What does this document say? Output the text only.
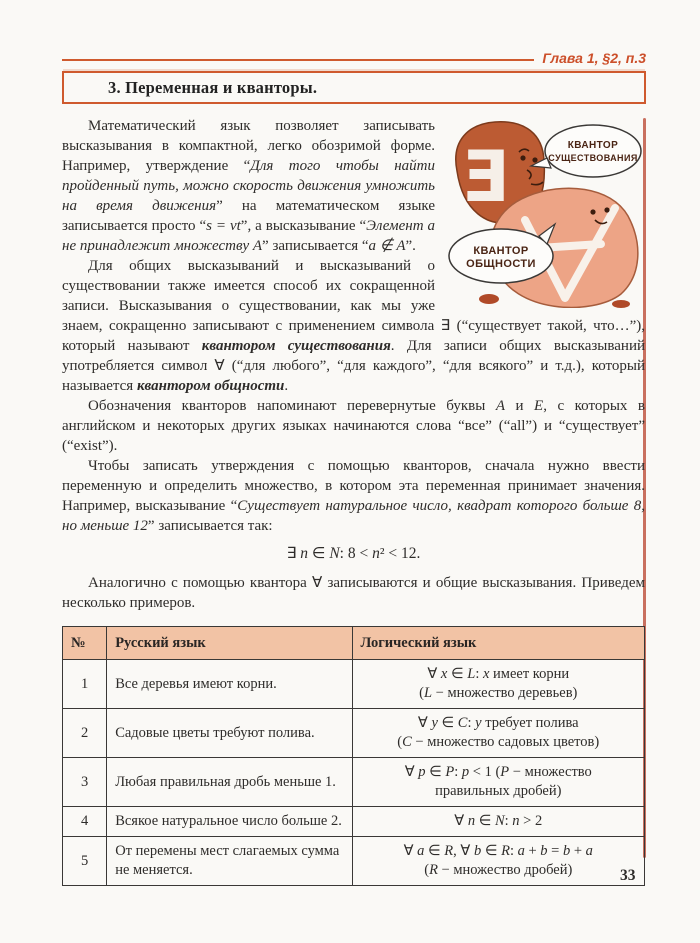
Глава 1, §2, п.3
3. Переменная и кванторы.
Ǝ	КВАНТОР
СУЩЕСТВОВАНИЯ
КВАНТОР
ОБЩНОСТИ

Математический язык позволяет записывать высказывания в компактной, легко обозримой форме. Например, утверждение “Для того чтобы найти пройденный путь, можно скорость движения умножить на время движения” на математическом языке записывается просто “s = vt”, а высказывание “Элемент а не принадлежит множеству А” записывается “a ∉ A”.

Для общих высказываний и высказываний о существовании также имеется способ их сокращенной записи. Высказывания о существовании, как мы уже знаем, сокращенно записывают с применением символа ∃ (“существует такой, что…”), который называют квантором существования. Для записи общих высказываний употребляется символ ∀ (“для любого”, “для каждого”, “для всякого” и т.д.), который называется квантором общности.

Обозначения кванторов напоминают перевернутые буквы A и E, с которых в английском и некоторых других языках начинаются слова “все” (“all”) и “существует” (“exist”).

Чтобы записать утверждения с помощью кванторов, сначала нужно ввести переменную и определить множество, в котором эта переменная принимает значения. Например, высказывание “Существует натуральное число, квадрат которого больше 8, но меньше 12” записывается так:

∃ n ∈ N: 8 < n² < 12.

Аналогично с помощью квантора ∀ записываются и общие высказывания. Приведем несколько примеров.

№	Русский язык	Логический язык
1	Все деревья имеют корни.	∀ x ∈ L: x имеет корни
(L − множество деревьев)

2	Садовые цветы требуют полива.	∀ y ∈ C: y требует полива
(C − множество садовых цветов)

3	Любая правильная дробь меньше 1.	∀ p ∈ P: p < 1 (P − множество
правильных дробей)

4	Всякое натуральное число больше 2.	∀ n ∈ N: n > 2

5	От перемены мест слагаемых сумма не меняется.	∀ a ∈ R, ∀ b ∈ R: a + b = b + a
(R − множество дробей)	33
